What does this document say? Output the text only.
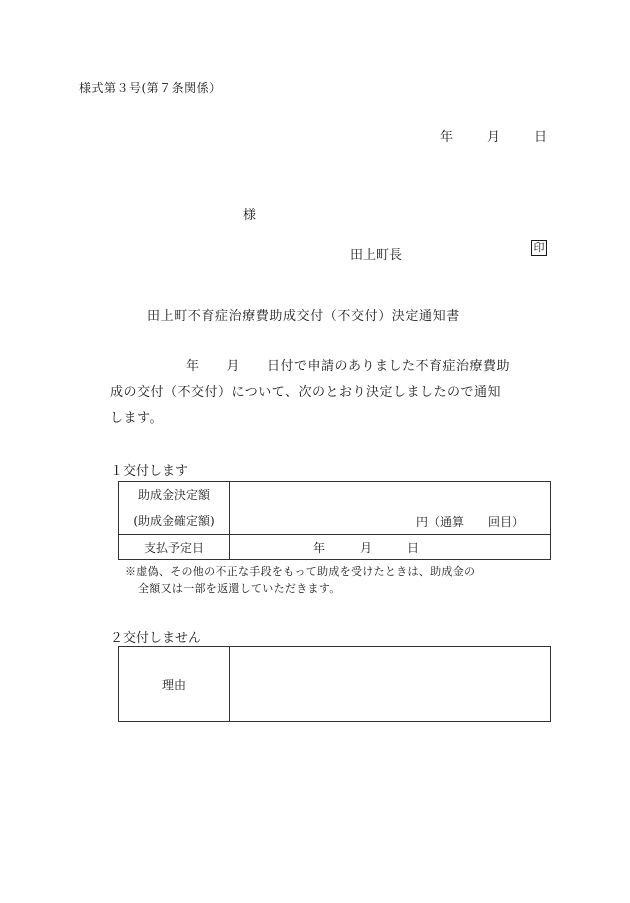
様式第３号(第７条関係）
年	月	日
様
田上町長
印
田上町不育症治療費助成交付（不交付）決定通知書
年　　月　　日付で申請のありました不育症治療費助
成の交付（不交付）について、次のとおり決定しましたので通知
します。
１交付します
助成金決定額
(助成金確定額)	円（通算　　回目）

支払予定日	年 月 日
※虚偽、その他の不正な手段をもって助成を受けたときは、助成金の
全額又は一部を返還していただきます。
２交付しません
理由	
